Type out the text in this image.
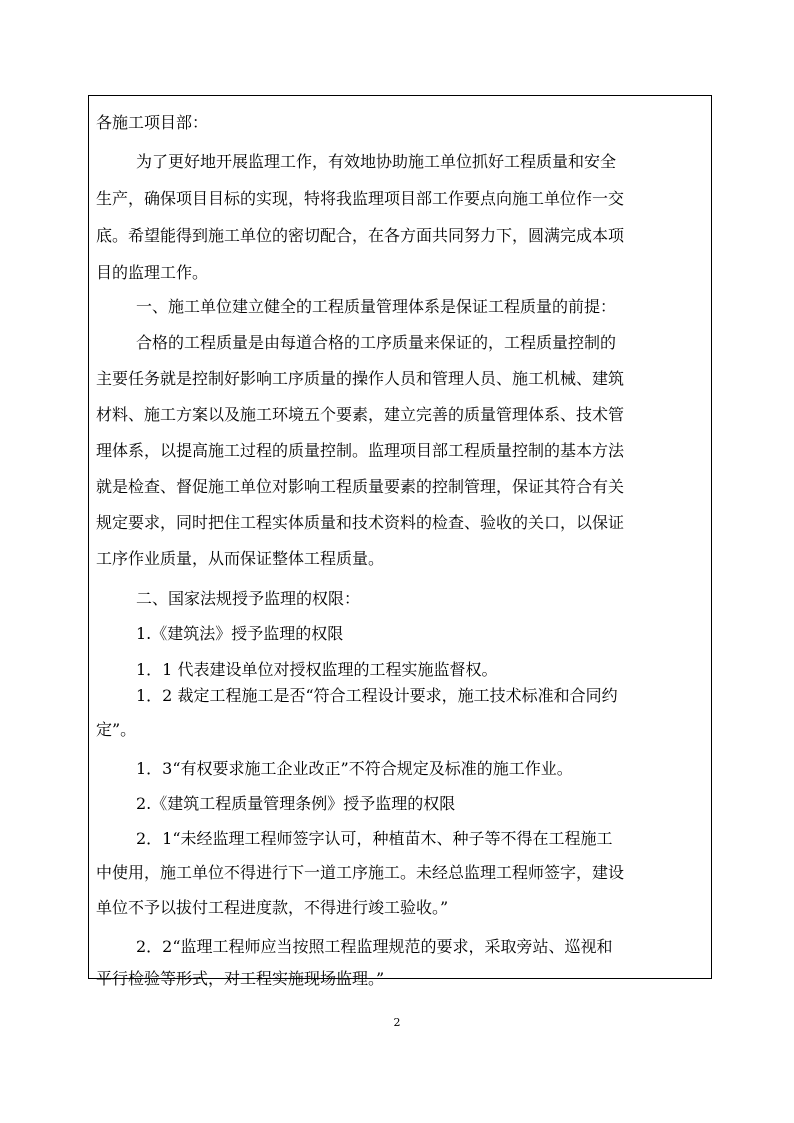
各施工项目部：
为了更好地开展监理工作，有效地协助施工单位抓好工程质量和安全
生产，确保项目目标的实现，特将我监理项目部工作要点向施工单位作一交
底。希望能得到施工单位的密切配合，在各方面共同努力下，圆满完成本项
目的监理工作。
一、施工单位建立健全的工程质量管理体系是保证工程质量的前提：
合格的工程质量是由每道合格的工序质量来保证的，工程质量控制的
主要任务就是控制好影响工序质量的操作人员和管理人员、施工机械、建筑
材料、施工方案以及施工环境五个要素，建立完善的质量管理体系、技术管
理体系，以提高施工过程的质量控制。监理项目部工程质量控制的基本方法
就是检查、督促施工单位对影响工程质量要素的控制管理，保证其符合有关
规定要求，同时把住工程实体质量和技术资料的检查、验收的关口，以保证
工序作业质量，从而保证整体工程质量。
二、国家法规授予监理的权限：
1.《建筑法》授予监理的权限
1．1 代表建设单位对授权监理的工程实施监督权。
1．2 裁定工程施工是否“符合工程设计要求，施工技术标准和合同约
定”。
1．3“有权要求施工企业改正”不符合规定及标准的施工作业。
2.《建筑工程质量管理条例》授予监理的权限
2．1“未经监理工程师签字认可，种植苗木、种子等不得在工程施工
中使用，施工单位不得进行下一道工序施工。未经总监理工程师签字，建设
单位不予以拔付工程进度款，不得进行竣工验收。”
2．2“监理工程师应当按照工程监理规范的要求，采取旁站、巡视和
平行检验等形式，对工程实施现场监理。”
2
